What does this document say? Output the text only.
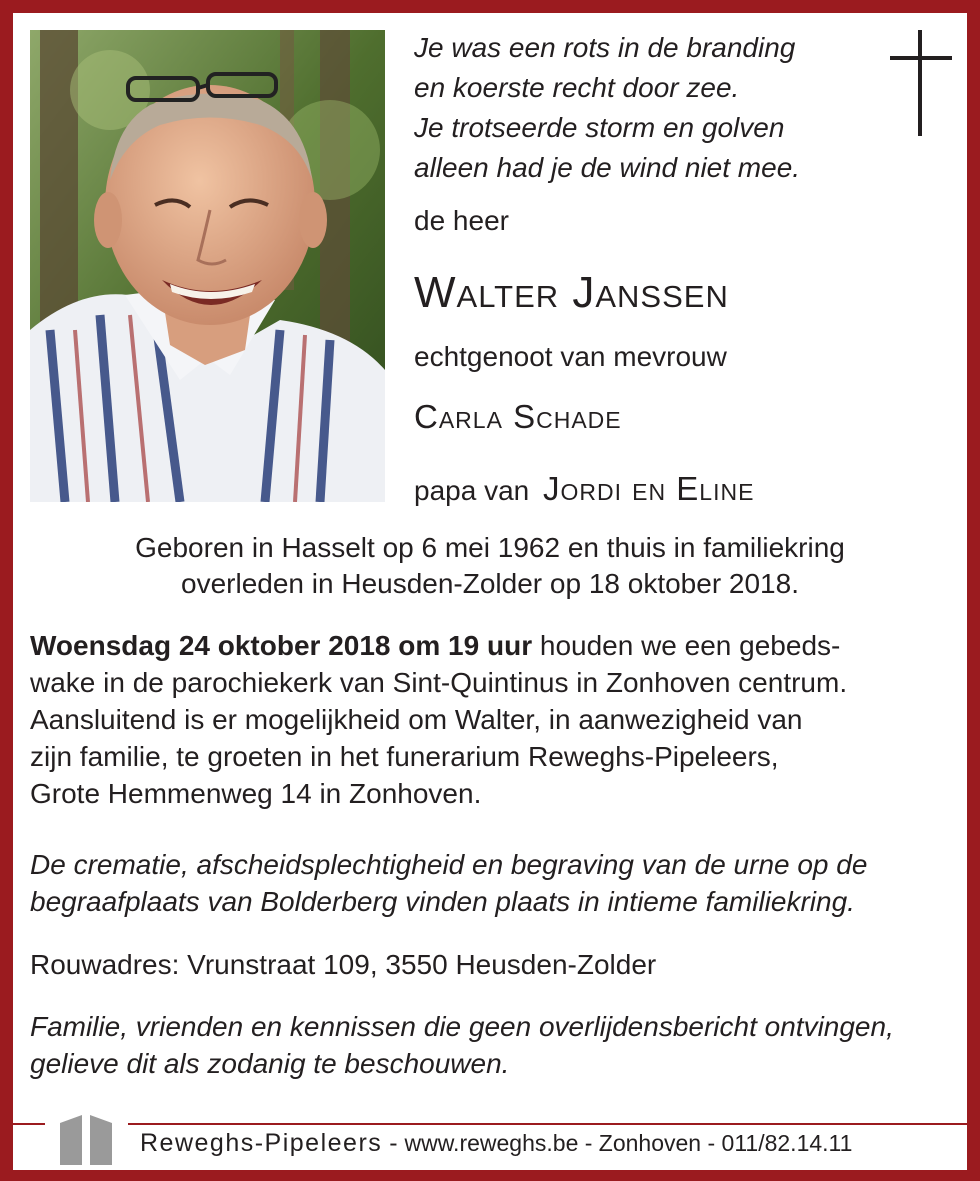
Je was een rots in de branding
en koerste recht door zee.
Je trotseerde storm en golven
alleen had je de wind niet mee.
de heer
Walter Janssen
echtgenoot van mevrouw
Carla Schade
papa van Jordi en Eline
Geboren in Hasselt op 6 mei 1962 en thuis in familiekring
overleden in Heusden-Zolder op 18 oktober 2018.
Woensdag 24 oktober 2018 om 19 uur houden we een gebeds-
wake in de parochiekerk van Sint-Quintinus in Zonhoven centrum.
Aansluitend is er mogelijkheid om Walter, in aanwezigheid van
zijn familie, te groeten in het funerarium Reweghs-Pipeleers,
Grote Hemmenweg 14 in Zonhoven.
De crematie, afscheidsplechtigheid en begraving van de urne op de
begraafplaats van Bolderberg vinden plaats in intieme familiekring.
Rouwadres: Vrunstraat 109, 3550 Heusden-Zolder
Familie, vrienden en kennissen die geen overlijdensbericht ontvingen,
gelieve dit als zodanig te beschouwen.
Reweghs-Pipeleers - www.reweghs.be - Zonhoven - 011/82.14.11
